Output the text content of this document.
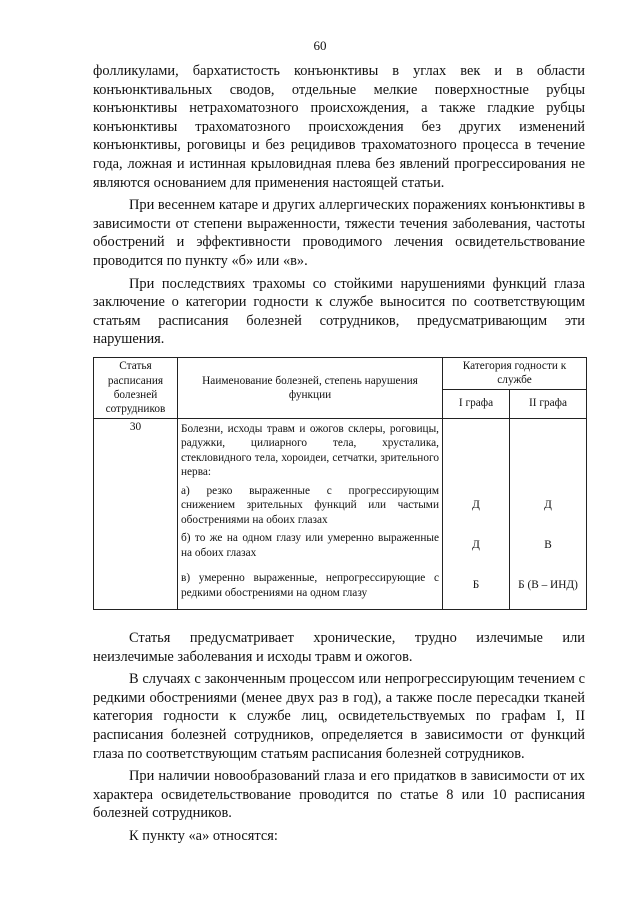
60

фолликулами, бархатистость конъюнктивы в углах век и в области конъюнктивальных сводов, отдельные мелкие поверхностные рубцы конъюнктивы нетрахоматозного происхождения, а также гладкие рубцы конъюнктивы трахоматозного происхождения без других изменений конъюнктивы, роговицы и без рецидивов трахоматозного процесса в течение года, ложная и истинная крыловидная плева без явлений прогрессирования не являются основанием для применения настоящей статьи.

При весеннем катаре и других аллергических поражениях конъюнктивы в зависимости от степени выраженности, тяжести течения заболевания, частоты обострений и эффективности проводимого лечения освидетельствование проводится по пункту «б» или «в».

При последствиях трахомы со стойкими нарушениями функций глаза заключение о категории годности к службе выносится по соответствующим статьям расписания болезней сотрудников, предусматривающим эти нарушения.

Статья расписания болезней сотрудников	Наименование болезней, степень нарушения функции	Категория годности к службе	
		I графа	II графа
30	Болезни, исходы травм и ожогов склеры, роговицы, радужки, цилиарного тела, хрусталика, стекловидного тела, хороидеи, сетчатки, зрительного нерва:		
	а) резко выраженные с прогрессирующим снижением зрительных функций или частыми обострениями на обоих глазах	Д	Д
	б) то же на одном глазу или умеренно выраженные на обоих глазах	Д	В
	в) умеренно выраженные, непрогрессирующие с редкими обострениями на одном глазу	Б	Б (В – ИНД)

Статья предусматривает хронические, трудно излечимые или неизлечимые заболевания и исходы травм и ожогов.

В случаях с законченным процессом или непрогрессирующим течением с редкими обострениями (менее двух раз в год), а также после пересадки тканей категория годности к службе лиц, освидетельствуемых по графам I, II расписания болезней сотрудников, определяется в зависимости от функций глаза по соответствующим статьям расписания болезней сотрудников.

При наличии новообразований глаза и его придатков в зависимости от их характера освидетельствование проводится по статье 8 или 10 расписания болезней сотрудников.

К пункту «а» относятся:
